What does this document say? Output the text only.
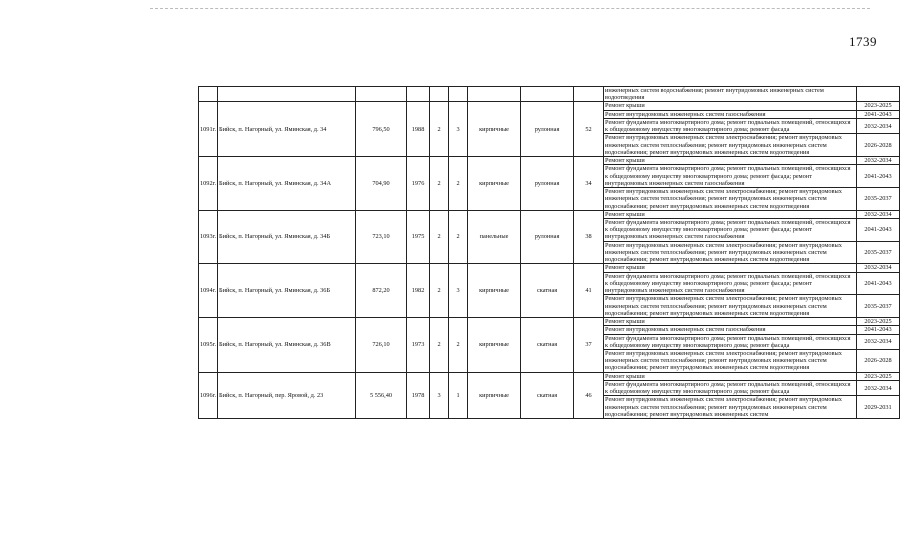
1739
									инженерных систем водоснабжения; ремонт внутридомовых инженерных систем водоотведения	
1091г.	Бийск, п. Нагорный, ул. Яминская, д. 34	796,50	1988	2	3	кирпичные	рулонная	52	Ремонт крыши	2023-2025
									Ремонт внутридомовых инженерных систем газоснабжения	2041-2043
									Ремонт фундамента многоквартирного дома; ремонт подвальных помещений, относящихся к общедомовому имуществу многоквартирного дома; ремонт фасада	2032-2034
									Ремонт внутридомовых инженерных систем электроснабжения; ремонт внутридомовых инженерных систем теплоснабжения; ремонт внутридомовых инженерных систем водоснабжения; ремонт внутридомовых инженерных систем водоотведения	2026-2028
1092г.	Бийск, п. Нагорный, ул. Яминская, д. 34А	704,90	1976	2	2	кирпичные	рулонная	34	Ремонт крыши	2032-2034
									Ремонт фундамента многоквартирного дома; ремонт подвальных помещений, относящихся к общедомовому имуществу многоквартирного дома; ремонт фасада; ремонт внутридомовых инженерных систем газоснабжения	2041-2043
									Ремонт внутридомовых инженерных систем электроснабжения; ремонт внутридомовых инженерных систем теплоснабжения; ремонт внутридомовых инженерных систем водоснабжения; ремонт внутридомовых инженерных систем водоотведения	2035-2037
1093г.	Бийск, п. Нагорный, ул. Яминская, д. 34Б	723,10	1975	2	2	панельные	рулонная	38	Ремонт крыши	2032-2034
									Ремонт фундамента многоквартирного дома; ремонт подвальных помещений, относящихся к общедомовому имуществу многоквартирного дома; ремонт фасада; ремонт внутридомовых инженерных систем газоснабжения	2041-2043
									Ремонт внутридомовых инженерных систем электроснабжения; ремонт внутридомовых инженерных систем теплоснабжения; ремонт внутридомовых инженерных систем водоснабжения; ремонт внутридомовых инженерных систем водоотведения	2035-2037
1094г.	Бийск, п. Нагорный, ул. Яминская, д. 36Б	872,20	1982	2	3	кирпичные	скатная	41	Ремонт крыши	2032-2034
									Ремонт фундамента многоквартирного дома; ремонт подвальных помещений, относящихся к общедомовому имуществу многоквартирного дома; ремонт фасада; ремонт внутридомовых инженерных систем газоснабжения	2041-2043
									Ремонт внутридомовых инженерных систем электроснабжения; ремонт внутридомовых инженерных систем теплоснабжения; ремонт внутридомовых инженерных систем водоснабжения; ремонт внутридомовых инженерных систем водоотведения	2035-2037
1095г.	Бийск, п. Нагорный, ул. Яминская, д. 36В	726,10	1973	2	2	кирпичные	скатная	37	Ремонт крыши	2023-2025
									Ремонт внутридомовых инженерных систем газоснабжения	2041-2043
									Ремонт фундамента многоквартирного дома; ремонт подвальных помещений, относящихся к общедомовому имуществу многоквартирного дома; ремонт фасада	2032-2034
									Ремонт внутридомовых инженерных систем электроснабжения; ремонт внутридомовых инженерных систем теплоснабжения; ремонт внутридомовых инженерных систем водоснабжения; ремонт внутридомовых инженерных систем водоотведения	2026-2028
1096г.	Бийск, п. Нагорный, пер. Яровой, д. 23	5 556,40	1978	3	1	кирпичные	скатная	46	Ремонт крыши	2023-2025
									Ремонт фундамента многоквартирного дома; ремонт подвальных помещений, относящихся к общедомовому имуществу многоквартирного дома; ремонт фасада	2032-2034
									Ремонт внутридомовых инженерных систем электроснабжения; ремонт внутридомовых инженерных систем теплоснабжения; ремонт внутридомовых инженерных систем водоснабжения; ремонт внутридомовых инженерных систем	2029-2031
